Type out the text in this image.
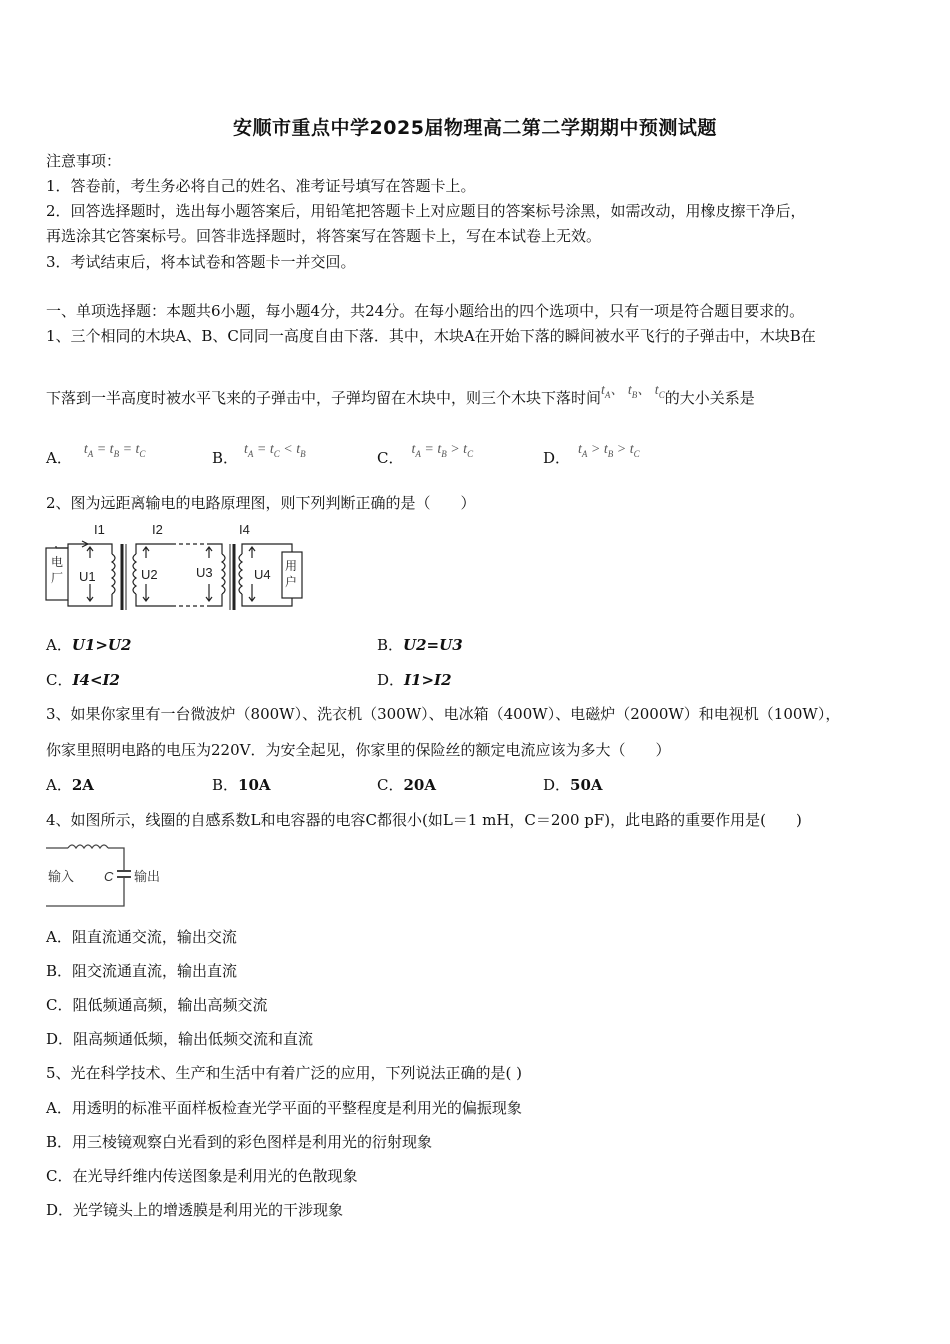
安顺市重点中学2025届物理高二第二学期期中预测试题
注意事项：
1．答卷前，考生务必将自己的姓名、准考证号填写在答题卡上。
2．回答选择题时，选出每小题答案后，用铅笔把答题卡上对应题目的答案标号涂黑，如需改动，用橡皮擦干净后，
再选涂其它答案标号。回答非选择题时，将答案写在答题卡上，写在本试卷上无效。
3．考试结束后，将本试卷和答题卡一并交回。
一、单项选择题：本题共6小题，每小题4分，共24分。在每小题给出的四个选项中，只有一项是符合题目要求的。
1、三个相同的木块A、B、C同同一高度自由下落．其中，木块A在开始下落的瞬间被水平飞行的子弹击中，木块B在
下落到一半高度时被水平飞来的子弹击中，子弹均留在木块中，则三个木块下落时间$t_A$、 $t_B$、 $t_C$的大小关系是
A． $t_A = t_B = t_C$	B． $t_A = t_C < t_B$	C． $t_A = t_B > t_C$	D． $t_A > t_B > t_C$
2、图为远距离输电的电路原理图，则下列判断正确的是（　　）
I1	I2	I4
U1	U2	U3	U4
电
厂
用
户
A．U1>U2	B．U2=U3
C．I4<I2	D．I1>I2
3、如果你家里有一台微波炉（800W）、洗衣机（300W）、电冰箱（400W）、电磁炉（2000W）和电视机（100W），
你家里照明电路的电压为220V．为安全起见，你家里的保险丝的额定电流应该为多大（　　）
A．2A	B．10A	C．20A	D．50A
4、如图所示，线圈的自感系数L和电容器的电容C都很小(如L＝1 mH，C＝200 pF)，此电路的重要作用是(　　)
输入 C 输出
A．阻直流通交流，输出交流
B．阻交流通直流，输出直流
C．阻低频通高频，输出高频交流
D．阻高频通低频，输出低频交流和直流
5、光在科学技术、生产和生活中有着广泛的应用，下列说法正确的是( )
A．用透明的标准平面样板检查光学平面的平整程度是利用光的偏振现象
B．用三棱镜观察白光看到的彩色图样是利用光的衍射现象
C．在光导纤维内传送图象是利用光的色散现象
D．光学镜头上的增透膜是利用光的干涉现象
